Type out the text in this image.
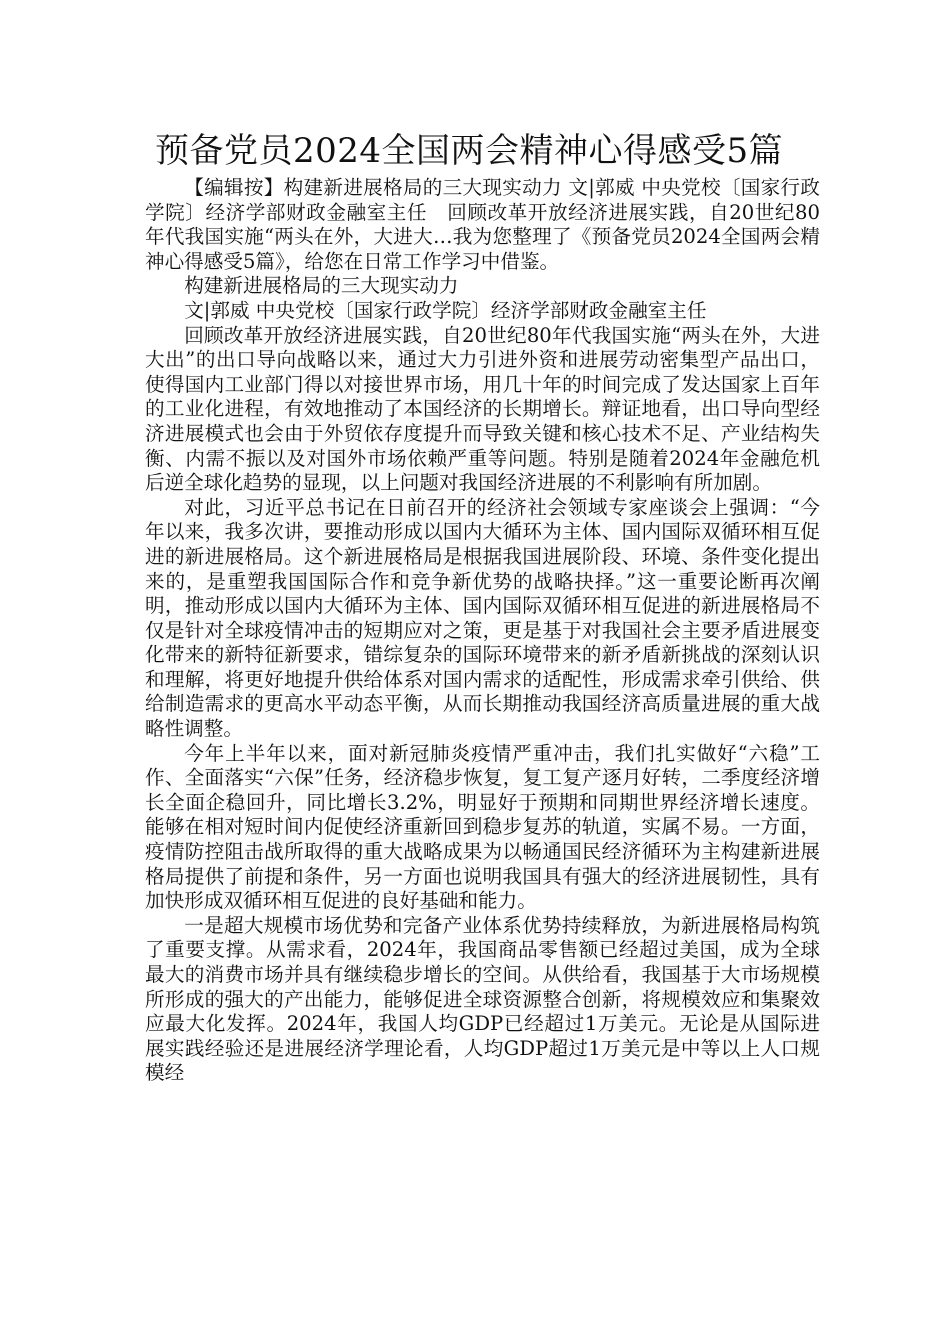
预备党员2024全国两会精神心得感受5篇

【编辑按】构建新进展格局的三大现实动力 文|郭威 中央党校〔国家行政学院〕经济学部财政金融室主任　回顾改革开放经济进展实践，自20世纪80年代我国实施“两头在外，大进大…我为您整理了《预备党员2024全国两会精神心得感受5篇》，给您在日常工作学习中借鉴。

构建新进展格局的三大现实动力

文|郭威 中央党校〔国家行政学院〕经济学部财政金融室主任

回顾改革开放经济进展实践，自20世纪80年代我国实施“两头在外，大进大出”的出口导向战略以来，通过大力引进外资和进展劳动密集型产品出口，使得国内工业部门得以对接世界市场，用几十年的时间完成了发达国家上百年的工业化进程，有效地推动了本国经济的长期增长。辩证地看，出口导向型经济进展模式也会由于外贸依存度提升而导致关键和核心技术不足、产业结构失衡、内需不振以及对国外市场依赖严重等问题。特别是随着2024年金融危机后逆全球化趋势的显现，以上问题对我国经济进展的不利影响有所加剧。

对此，习近平总书记在日前召开的经济社会领域专家座谈会上强调：“今年以来，我多次讲，要推动形成以国内大循环为主体、国内国际双循环相互促进的新进展格局。这个新进展格局是根据我国进展阶段、环境、条件变化提出来的，是重塑我国国际合作和竞争新优势的战略抉择。”这一重要论断再次阐明，推动形成以国内大循环为主体、国内国际双循环相互促进的新进展格局不仅是针对全球疫情冲击的短期应对之策，更是基于对我国社会主要矛盾进展变化带来的新特征新要求，错综复杂的国际环境带来的新矛盾新挑战的深刻认识和理解，将更好地提升供给体系对国内需求的适配性，形成需求牵引供给、供给制造需求的更高水平动态平衡，从而长期推动我国经济高质量进展的重大战略性调整。

今年上半年以来，面对新冠肺炎疫情严重冲击，我们扎实做好“六稳”工作、全面落实“六保”任务，经济稳步恢复，复工复产逐月好转，二季度经济增长全面企稳回升，同比增长3.2%，明显好于预期和同期世界经济增长速度。能够在相对短时间内促使经济重新回到稳步复苏的轨道，实属不易。一方面，疫情防控阻击战所取得的重大战略成果为以畅通国民经济循环为主构建新进展格局提供了前提和条件，另一方面也说明我国具有强大的经济进展韧性，具有加快形成双循环相互促进的良好基础和能力。

一是超大规模市场优势和完备产业体系优势持续释放，为新进展格局构筑了重要支撑。从需求看，2024年，我国商品零售额已经超过美国，成为全球最大的消费市场并具有继续稳步增长的空间。从供给看，我国基于大市场规模所形成的强大的产出能力，能够促进全球资源整合创新，将规模效应和集聚效应最大化发挥。2024年，我国人均GDP已经超过1万美元。无论是从国际进展实践经验还是进展经济学理论看，人均GDP超过1万美元是中等以上人口规模经
